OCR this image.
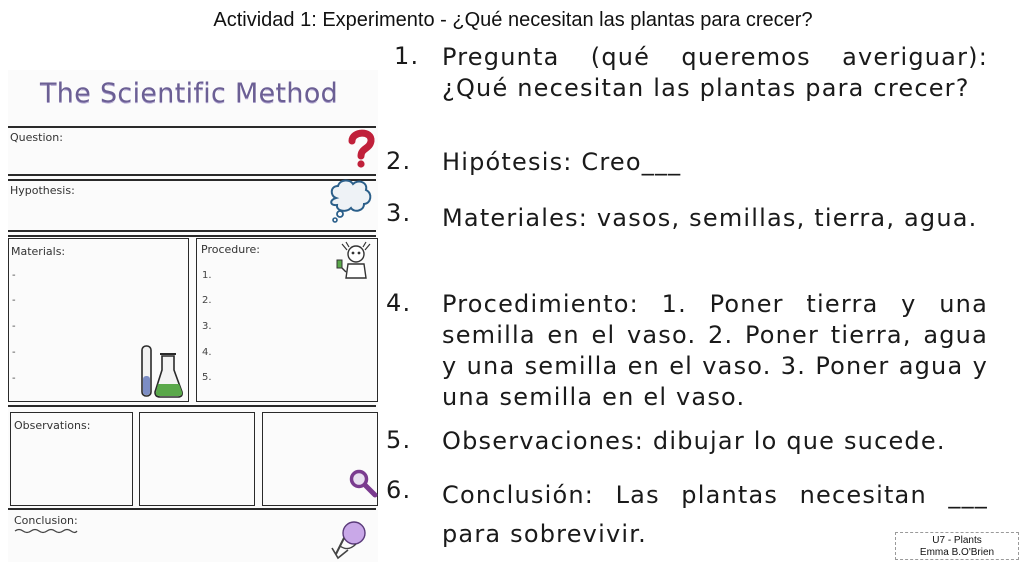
Actividad 1: Experimento - ¿Qué necesitan las plantas para crecer?
The Scientific Method
Question:
Hypothesis:
Materials:
-
-
-
-
-
Procedure:
1.
2.
3.
4.
5.
Observations:
Conclusion:
1. Pregunta (qué queremos averiguar): ¿Qué necesitan las plantas para crecer?
2.	Hipótesis: Creo___
3.	Materiales: vasos, semillas, tierra, agua.
4.	Procedimiento: 1. Poner tierra y una semilla en el vaso. 2. Poner tierra, agua y una semilla en el vaso. 3. Poner agua y una semilla en el vaso.
5.	Observaciones: dibujar lo que sucede.
6.	Conclusión: Las plantas necesitan ___ para sobrevivir.	U7 - Plants
Emma B.O'Brien
